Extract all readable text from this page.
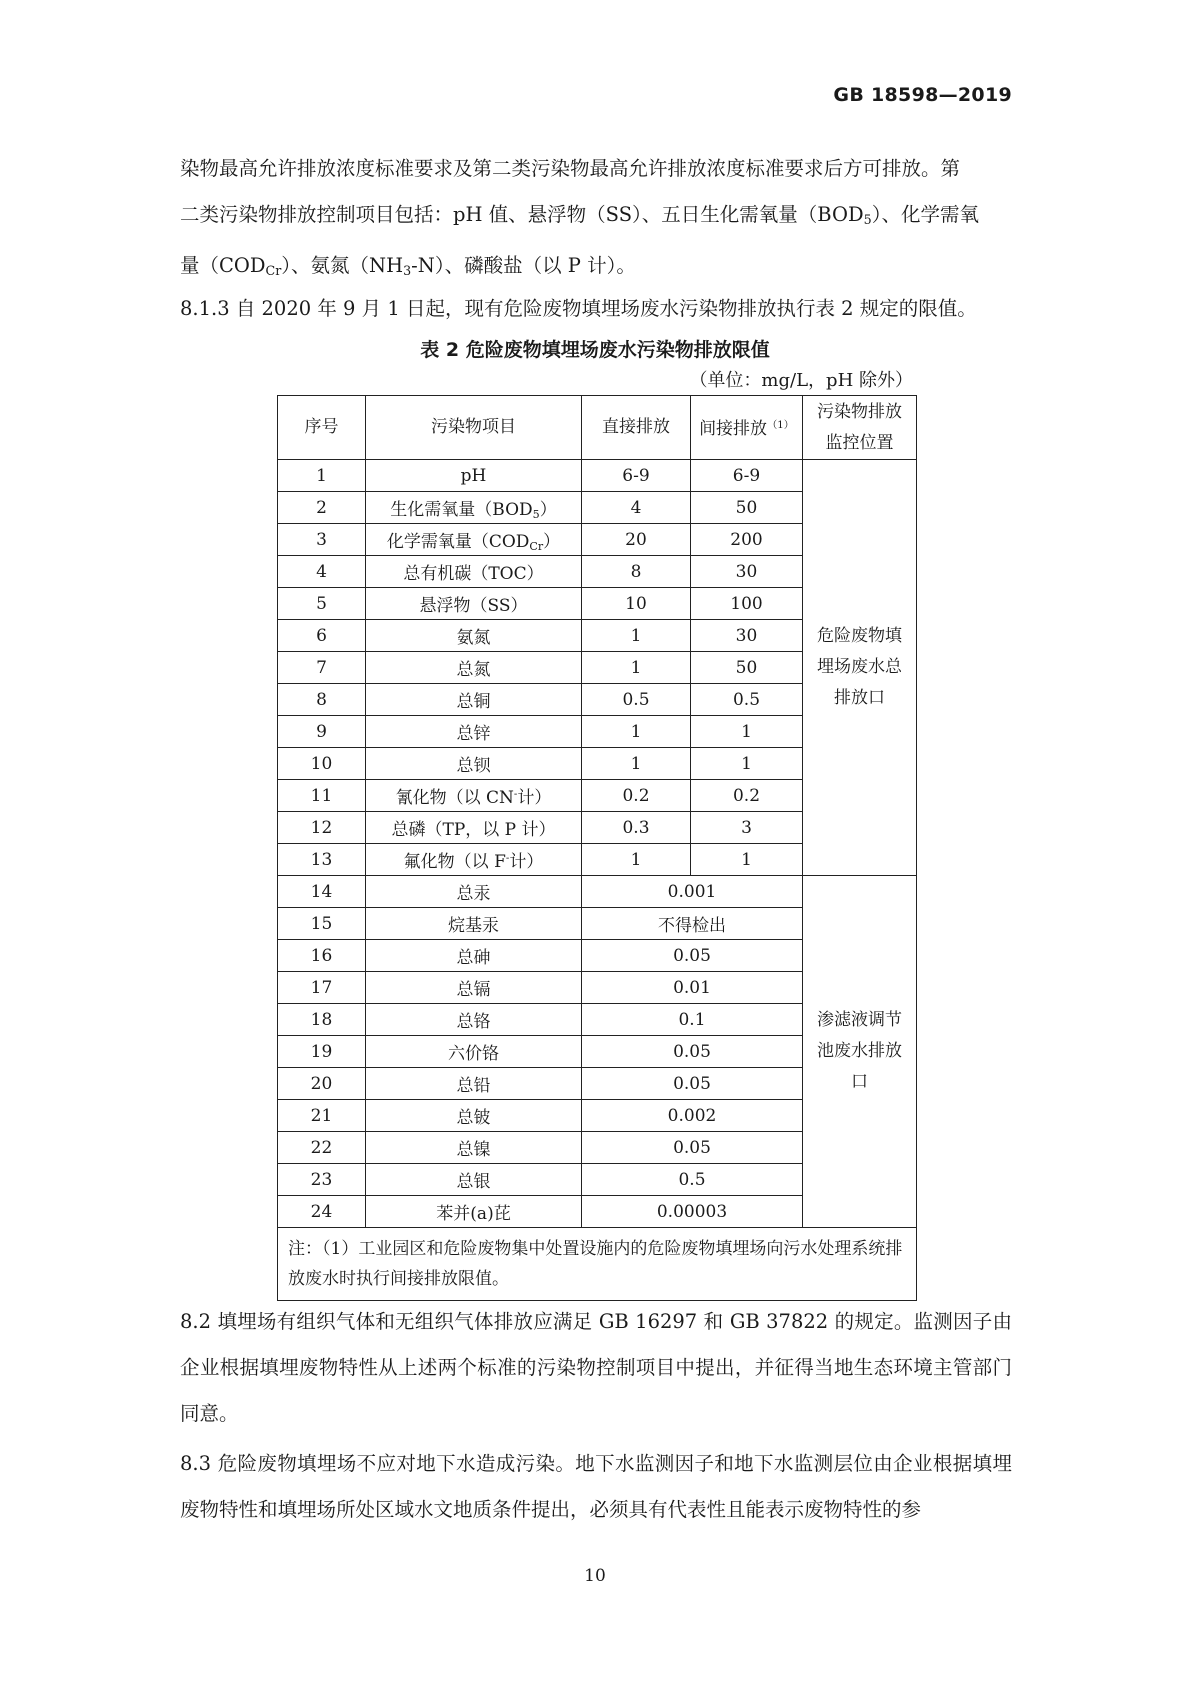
GB 18598—2019

染物最高允许排放浓度标准要求及第二类污染物最高允许排放浓度标准要求后方可排放。第

二类污染物排放控制项目包括：pH 值、悬浮物（SS）、五日生化需氧量$(BOD_5)$、化学需氧

量$(COD_{Cr})$、氨氮$(NH_3-N)$、磷酸盐（以 P 计）。

8.1.3 自 2020 年 9 月 1 日起，现有危险废物填埋场废水污染物排放执行表 2 规定的限值。
表 2 危险废物填埋场废水污染物排放限值
（单位：mg/L，pH 除外）
序号	污染物项目	直接排放	间接排放$^{(1)}$	污染物排放监控位置
1	pH	6-9	6-9	危险废物填埋场废水总排放口
2	生化需氧量$(BOD_5)$	4	50	
3	化学需氧量$(COD_{Cr})$	20	200	
4	总有机碳（TOC）	8	30	
5	悬浮物（SS）	10	100	
6	氨氮	1	30	
7	总氮	1	50	
8	总铜	0.5	0.5	
9	总锌	1	1	
10	总钡	1	1	
11	氰化物（以 CN-计）	0.2	0.2	
12	总磷（TP，以 P 计）	0.3	3	
13	氟化物（以 F-计）	1	1	
14	总汞	0.001		渗滤液调节池废水排放口
15	烷基汞	不得检出		
16	总砷	0.05		
17	总镉	0.01		
18	总铬	0.1		
19	六价铬	0.05		
20	总铅	0.05		
21	总铍	0.002		
22	总镍	0.05		
23	总银	0.5		
24	苯并(a)芘	0.00003		
注：（1）工业园区和危险废物集中处置设施内的危险废物填埋场向污水处理系统排放废水时执行间接排放限值。				
8.2 填埋场有组织气体和无组织气体排放应满足 GB 16297 和 GB 37822 的规定。监测因子由企业根据填埋废物特性从上述两个标准的污染物控制项目中提出，并征得当地生态环境主管部门同意。
8.3 危险废物填埋场不应对地下水造成污染。地下水监测因子和地下水监测层位由企业根据填埋废物特性和填埋场所处区域水文地质条件提出，必须具有代表性且能表示废物特性的参
10
